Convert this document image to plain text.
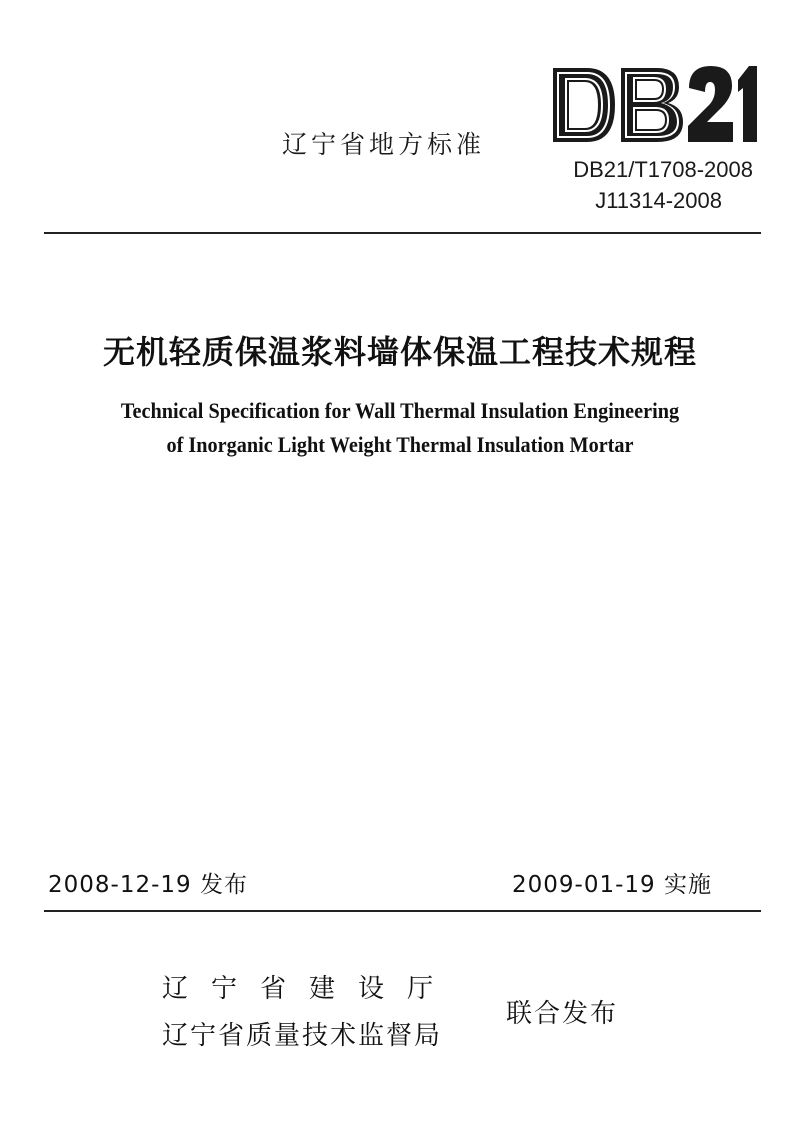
辽宁省地方标准
DB21/T1708-2008
J11314-2008
无机轻质保温浆料墙体保温工程技术规程
Technical Specification for Wall Thermal Insulation Engineering
of Inorganic Light Weight Thermal Insulation Mortar
2008-12-19 发布	2009-01-19 实施
辽宁省建设厅
辽宁省质量技术监督局
联合发布
